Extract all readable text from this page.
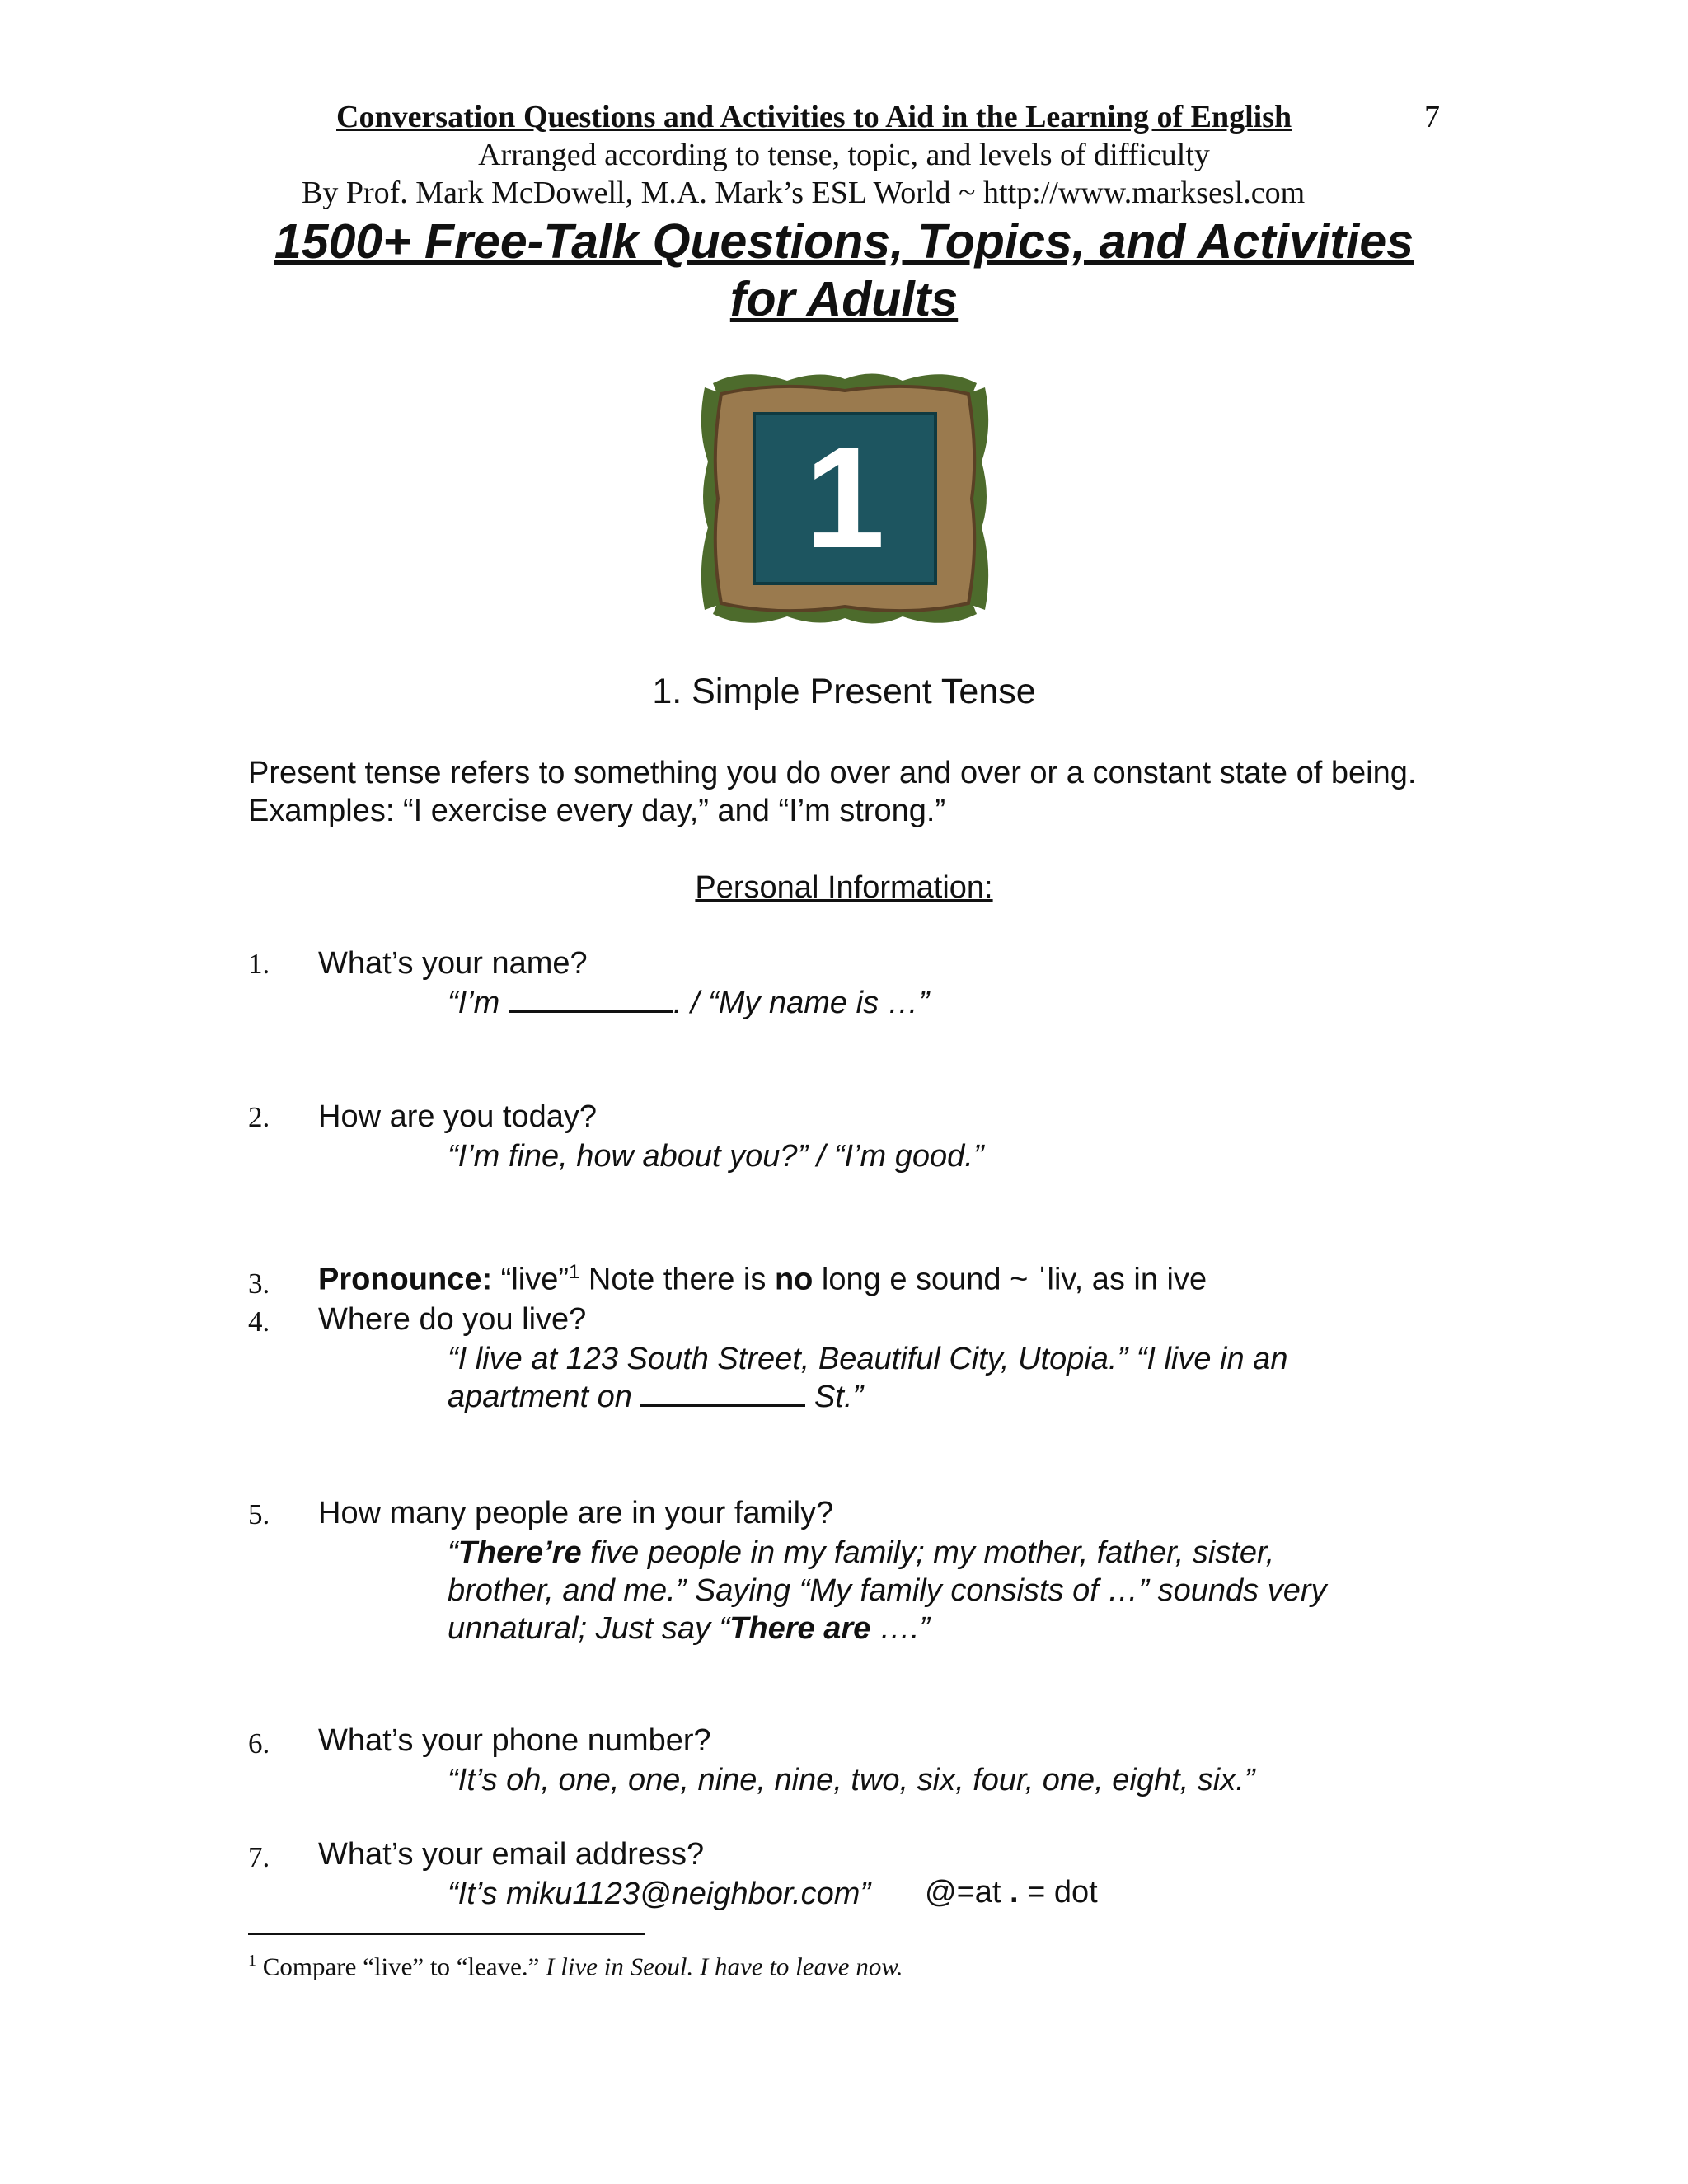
Conversation Questions and Activities to Aid in the Learning of English	7
Arranged according to tense, topic, and levels of difficulty
By Prof. Mark McDowell, M.A. Mark’s ESL World ~ http://www.marksesl.com
1500+ Free-Talk Questions, Topics, and Activities
for Adults
1
1. Simple Present Tense
Present tense refers to something you do over and over or a constant state of being. Examples: “I exercise every day,” and “I’m strong.”
Personal Information:
1. What’s your name?
“I’m	. / “My name is …”
2. How are you today?
“I’m fine, how about you?” / “I’m good.”
3. Pronounce: “live”$^1$ Note there is no long e sound ~ ˈliv, as in ive
4. Where do you live?
“I live at 123 South Street, Beautiful City, Utopia.” “I live in an
apartment on	St.”
5. How many people are in your family?
“There’re five people in my family; my mother, father, sister,
brother, and me.” Saying “My family consists of …” sounds very
unnatural; Just say “There are ….”
6. What’s your phone number?
“It’s oh, one, one, nine, nine, two, six, four, one, eight, six.”
7. What’s your email address?
“It’s miku1123@neighbor.com” @=at . = dot
$^1$ Compare “live” to “leave.” I live in Seoul. I have to leave now.
